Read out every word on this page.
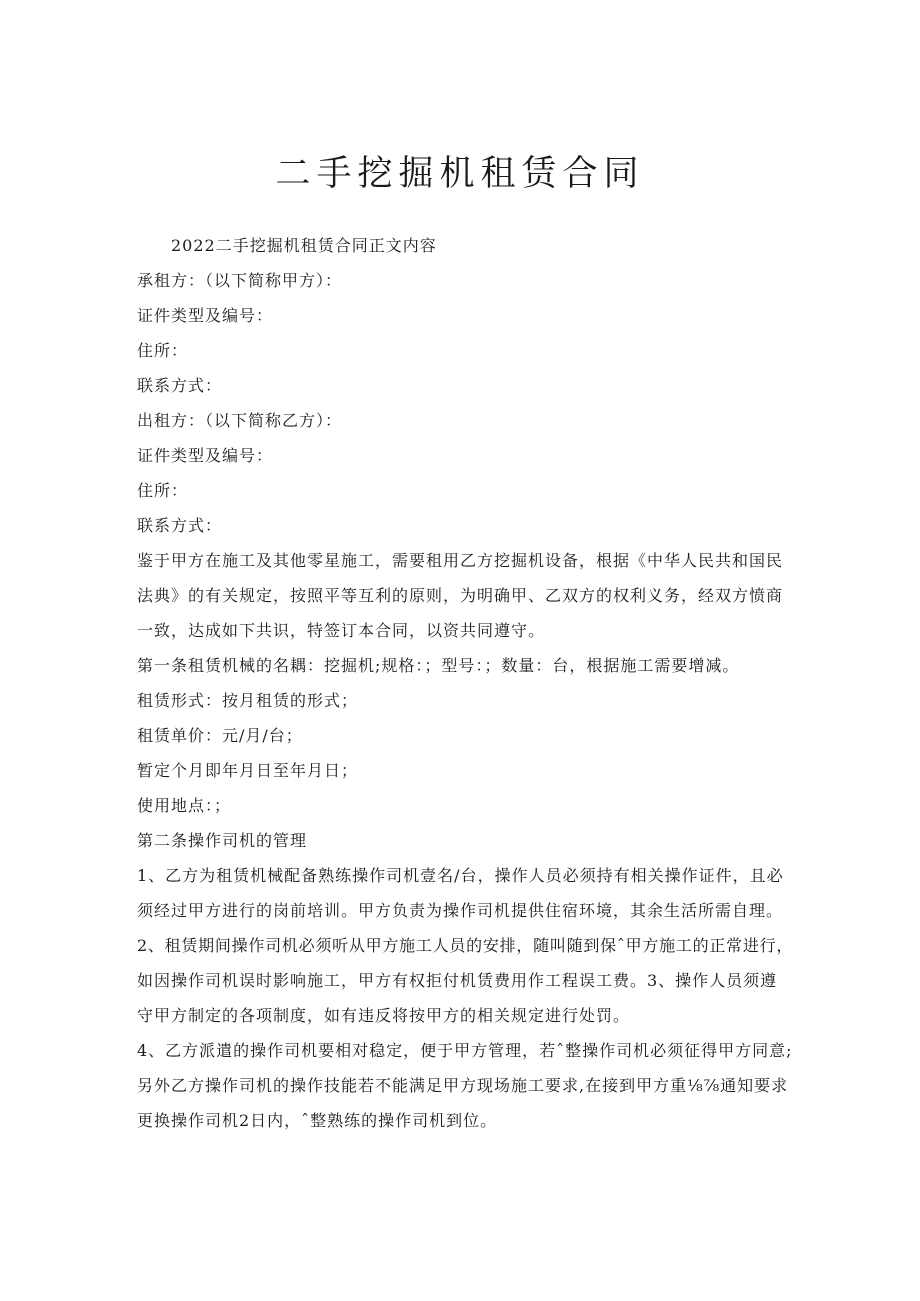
二手挖掘机租赁合同

2022二手挖掘机租赁合同正文内容

承租方：（以下简称甲方）：

证件类型及编号：

住所：

联系方式：

出租方：（以下简称乙方）：

证件类型及编号：

住所：

联系方式：

鉴于甲方在施工及其他零星施工，需要租用乙方挖掘机设备，根据《中华人民共和国民

法典》的有关规定，按照平等互利的原则，为明确甲、乙双方的权利义务，经双方愤商

一致，达成如下共识，特签订本合同，以资共同遵守。

第一条租赁机械的名耦：挖掘机;规格：；型号：；数量：台，根据施工需要增减。

租赁形式：按月租赁的形式；

租赁单价：元/月/台；

暂定个月即年月日至年月日；

使用地点：；

第二条操作司机的管理

1、乙方为租赁机械配备熟练操作司机壹名/台，操作人员必须持有相关操作证件，且必

须经过甲方进行的岗前培训。甲方负责为操作司机提供住宿环境，其余生活所需自理。

2、租赁期间操作司机必须听从甲方施工人员的安排，随叫随到保ˆ甲方施工的正常进行，

如因操作司机误时影响施工，甲方有权拒付机赁费用作工程误工费。3、操作人员须遵

守甲方制定的各项制度，如有违反将按甲方的相关规定进行处罚。

4、乙方派遣的操作司机要相对稳定，便于甲方管理，若ˆ整操作司机必须征得甲方同意;

另外乙方操作司机的操作技能若不能满足甲方现场施工要求,在接到甲方重⅛⅞通知要求

更换操作司机2日内，ˆ整熟练的操作司机到位。
